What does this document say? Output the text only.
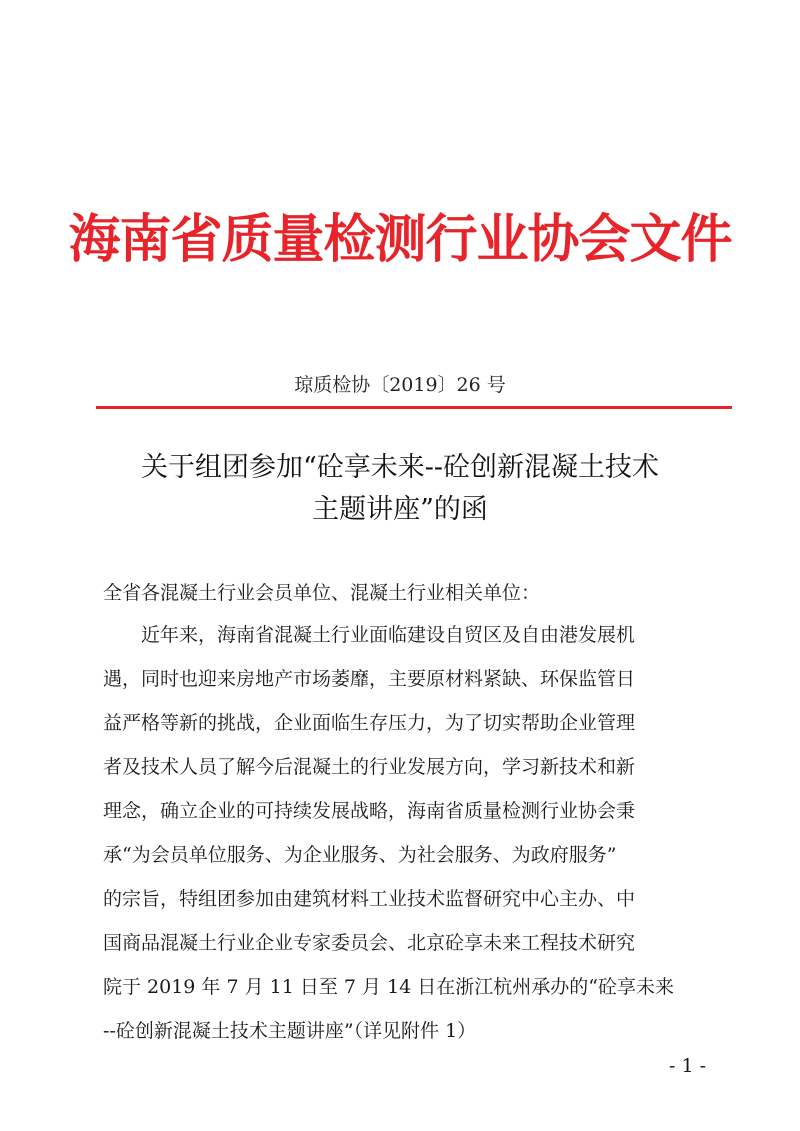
海南省质量检测行业协会文件
琼质检协〔2019〕26 号
关于组团参加“砼享未来--砼创新混凝土技术
主题讲座”的函
全省各混凝土行业会员单位、混凝土行业相关单位：
　　近年来，海南省混凝土行业面临建设自贸区及自由港发展机
遇，同时也迎来房地产市场萎靡，主要原材料紧缺、环保监管日
益严格等新的挑战，企业面临生存压力，为了切实帮助企业管理
者及技术人员了解今后混凝土的行业发展方向，学习新技术和新
理念，确立企业的可持续发展战略，海南省质量检测行业协会秉
承“为会员单位服务、为企业服务、为社会服务、为政府服务”
的宗旨，特组团参加由建筑材料工业技术监督研究中心主办、中
国商品混凝土行业企业专家委员会、北京砼享未来工程技术研究
院于 2019 年 7 月 11 日至 7 月 14 日在浙江杭州承办的“砼享未来
--砼创新混凝土技术主题讲座”（详见附件 1）
- 1 -
